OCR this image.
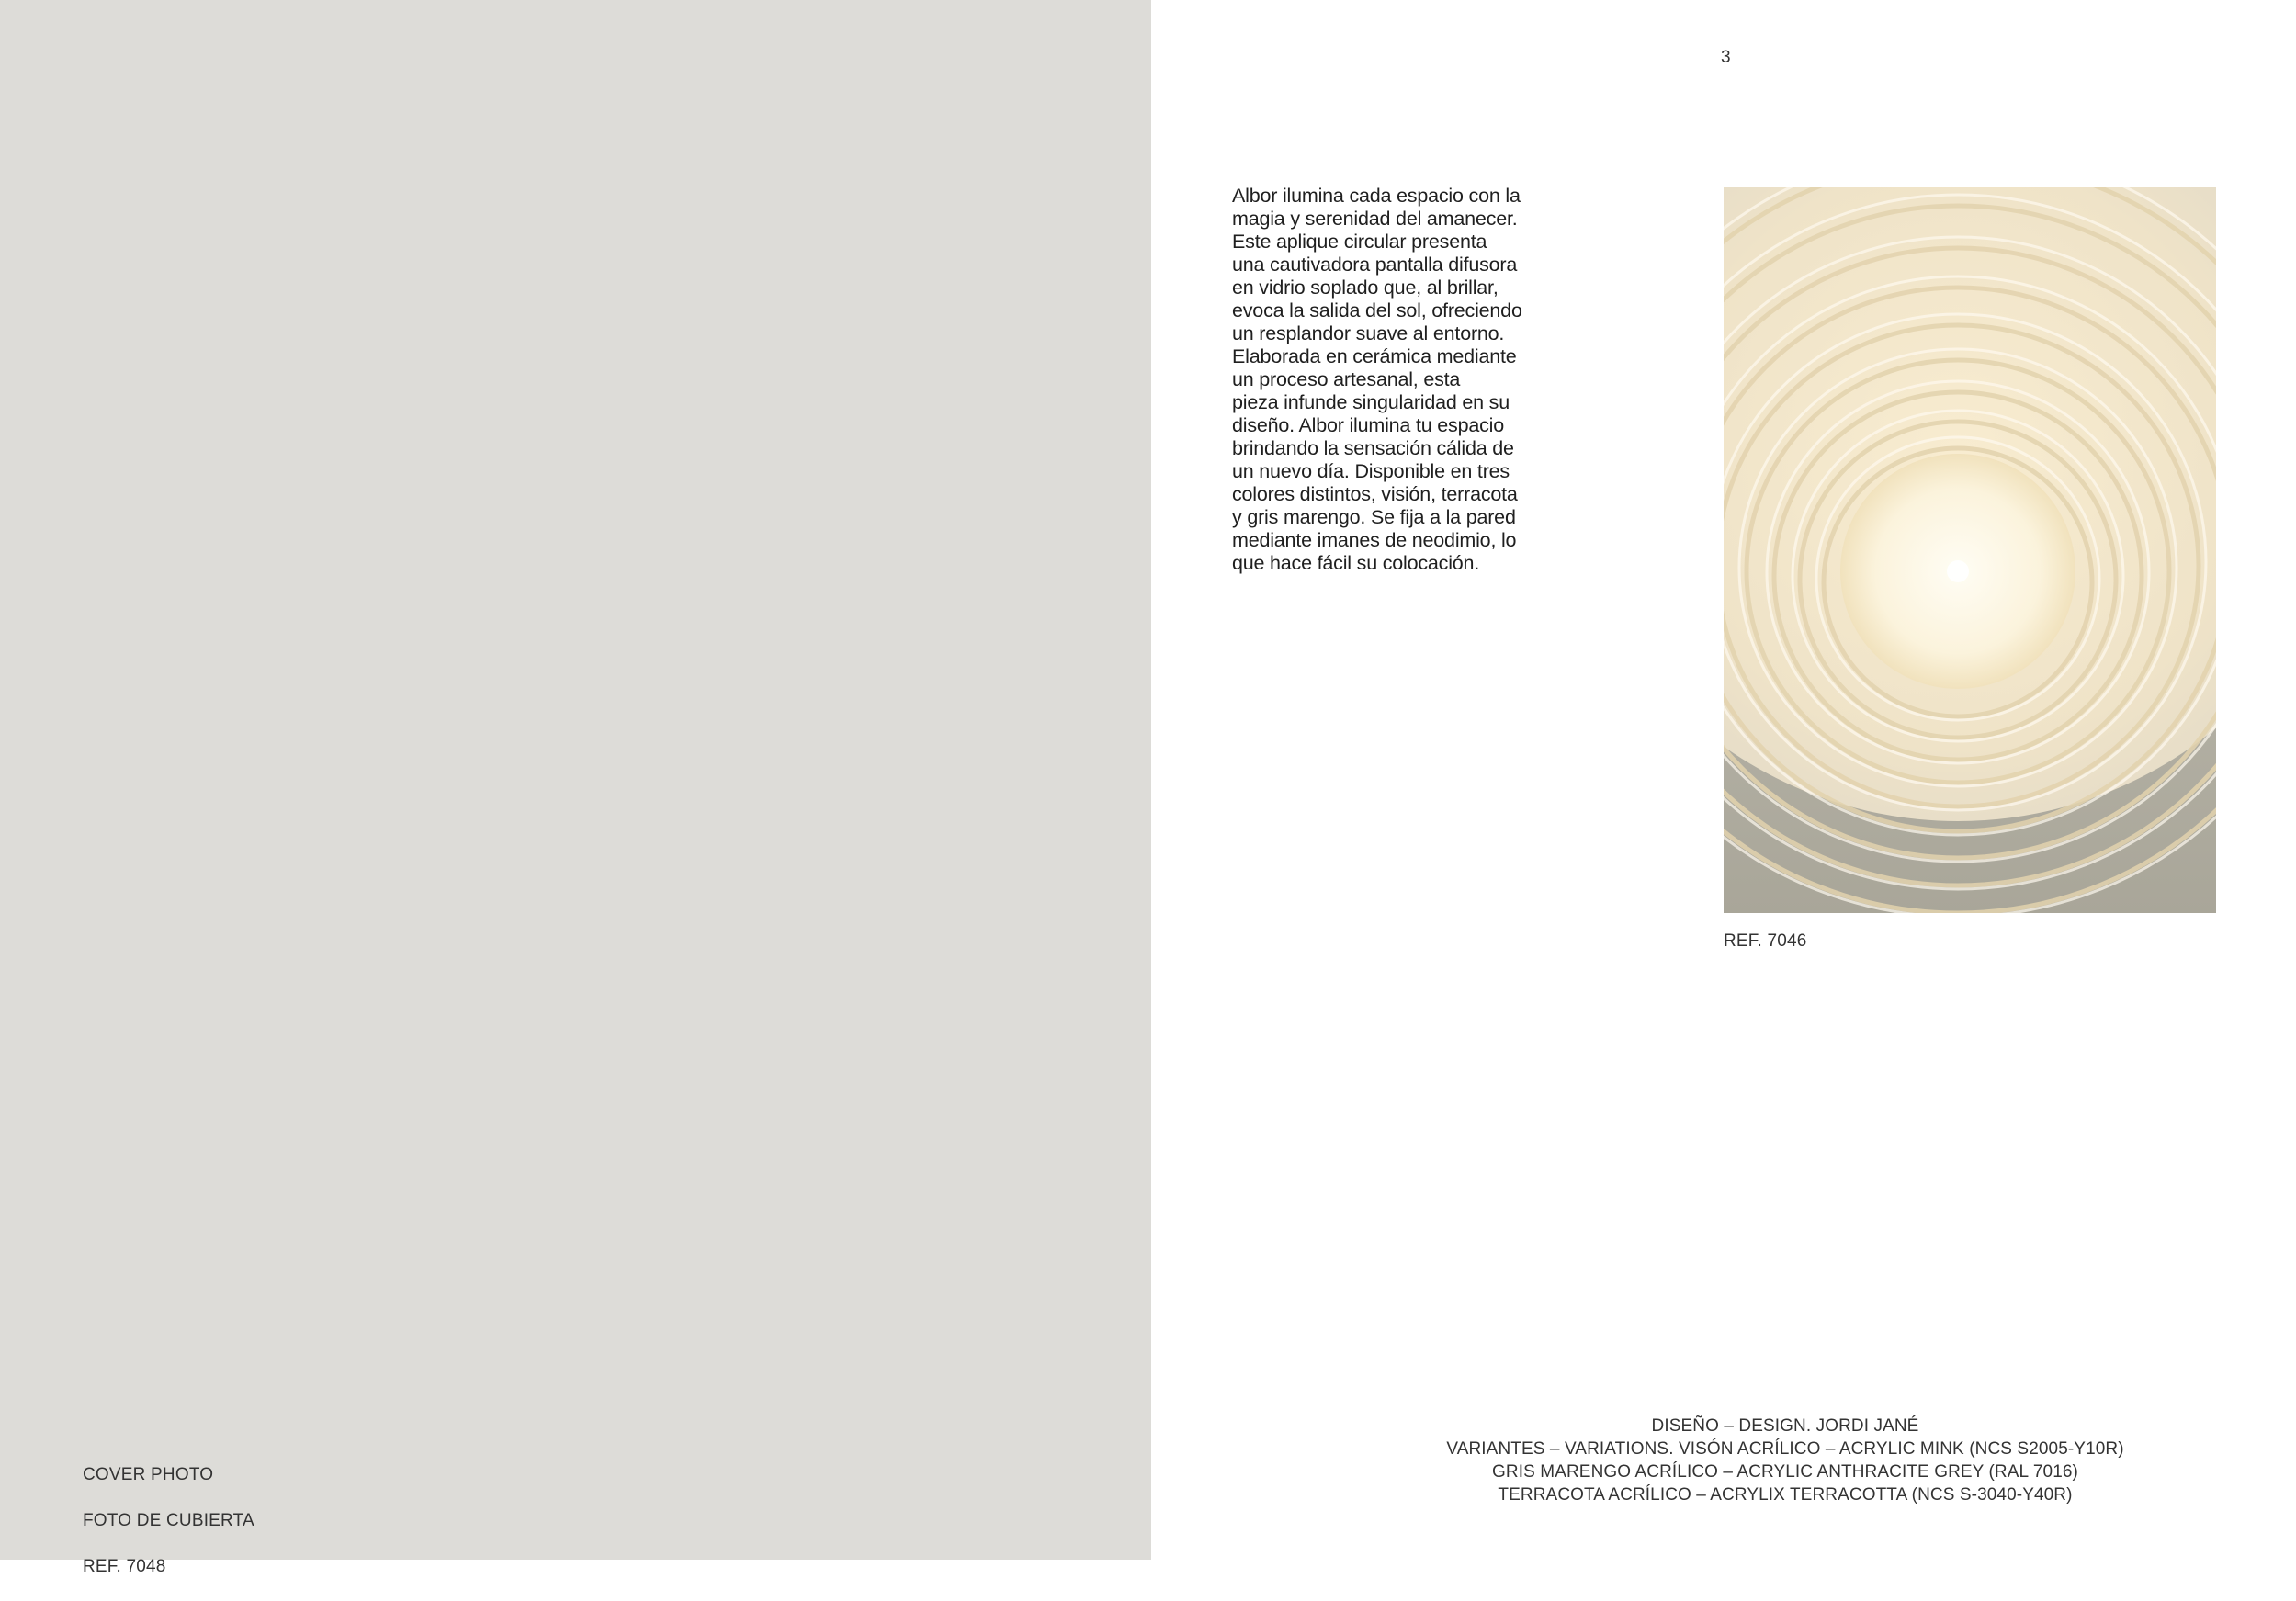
COVER PHOTO

FOTO DE CUBIERTA

REF. 7048

3
Albor ilumina cada espacio con la
magia y serenidad del amanecer.
Este aplique circular presenta
una cautivadora pantalla difusora
en vidrio soplado que, al brillar,
evoca la salida del sol, ofreciendo
un resplandor suave al entorno.
Elaborada en cerámica mediante
un proceso artesanal, esta
pieza infunde singularidad en su
diseño. Albor ilumina tu espacio
brindando la sensación cálida de
un nuevo día. Disponible en tres
colores distintos, visión, terracota
y gris marengo. Se fija a la pared
mediante imanes de neodimio, lo
que hace fácil su colocación.
REF. 7046
DISEÑO – DESIGN. JORDI JANÉ
VARIANTES – VARIATIONS. VISÓN ACRÍLICO – ACRYLIC MINK (NCS S2005-Y10R)
GRIS MARENGO ACRÍLICO – ACRYLIC ANTHRACITE GREY (RAL 7016)
TERRACOTA ACRÍLICO – ACRYLIX TERRACOTTA (NCS S-3040-Y40R)
